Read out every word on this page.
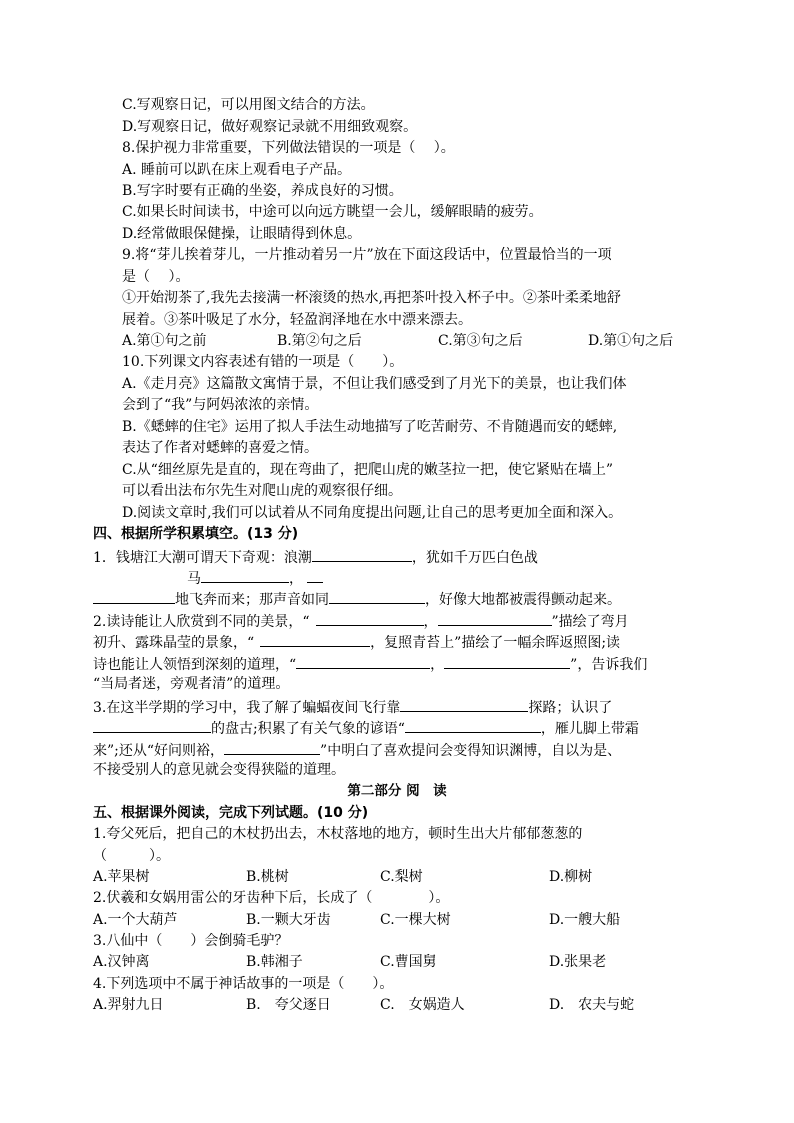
C.写观察日记，可以用图文结合的方法。
D.写观察日记，做好观察记录就不用细致观察。
8.保护视力非常重要，下列做法错误的一项是（　 ）。
A. 睡前可以趴在床上观看电子产品。
B.写字时要有正确的坐姿，养成良好的习惯。
C.如果长时间读书，中途可以向远方眺望一会儿，缓解眼睛的疲劳。
D.经常做眼保健操，让眼睛得到休息。
9.将“芽儿挨着芽儿，一片推动着另一片”放在下面这段话中，位置最恰当的一项
是（　 ）。
①开始沏茶了,我先去接满一杯滚烫的热水,再把茶叶投入杯子中。②茶叶柔柔地舒
展着。③茶叶吸足了水分，轻盈润泽地在水中漂来漂去。
A.第①句之前	B.第②句之后	C.第③句之后	D.第①句之后
10.下列课文内容表述有错的一项是（　　）。
A.《走月亮》这篇散文寓情于景，不但让我们感受到了月光下的美景，也让我们体
会到了“我”与阿妈浓浓的亲情。
B.《蟋蟀的住宅》运用了拟人手法生动地描写了吃苦耐劳、不肯随遇而安的蟋蟀,
表达了作者对蟋蟀的喜爱之情。
C.从“细丝原先是直的，现在弯曲了，把爬山虎的嫩茎拉一把，使它紧贴在墙上”
可以看出法布尔先生对爬山虎的观察很仔细。
D.阅读文章时,我们可以试着从不同角度提出问题,让自己的思考更加全面和深入。
四、根据所学积累填空。(13 分)
1．钱塘江大潮可谓天下奇观：浪潮	，犹如千万匹白色战
马	，
地飞奔而来；那声音如同	，好像大地都被震得颤动起来。
2.读诗能让人欣赏到不同的美景，“	，	”描绘了弯月
初升、露珠晶莹的景象，“	，复照青苔上”描绘了一幅余晖返照图;读
诗也能让人领悟到深刻的道理，“	，	”，告诉我们
“当局者迷，旁观者清”的道理。
3.在这半学期的学习中，我了解了蝙蝠夜间飞行靠	探路；认识了
的盘古;积累了有关气象的谚语“	，雁儿脚上带霜
来”;还从“好问则裕，	”中明白了喜欢提问会变得知识渊博，自以为是、
不接受别人的意见就会变得狭隘的道理。
第二部分 阅　读
五、根据课外阅读，完成下列试题。(10 分)
1.夸父死后，把自己的木杖扔出去，木杖落地的地方，顿时生出大片郁郁葱葱的
（　　　）。
A.苹果树	B.桃树	C.梨树	D.柳树
2.伏羲和女娲用雷公的牙齿种下后，长成了（　　　　）。
A.一个大葫芦	B.一颗大牙齿	C.一棵大树	D.一艘大船
3.八仙中（　　）会倒骑毛驴？
A.汉钟离	B.韩湘子	C.曹国舅	D.张果老
4.下列选项中不属于神话故事的一项是（　　）。
A.羿射九日	B.　夸父逐日	C.　女娲造人	D.　农夫与蛇
